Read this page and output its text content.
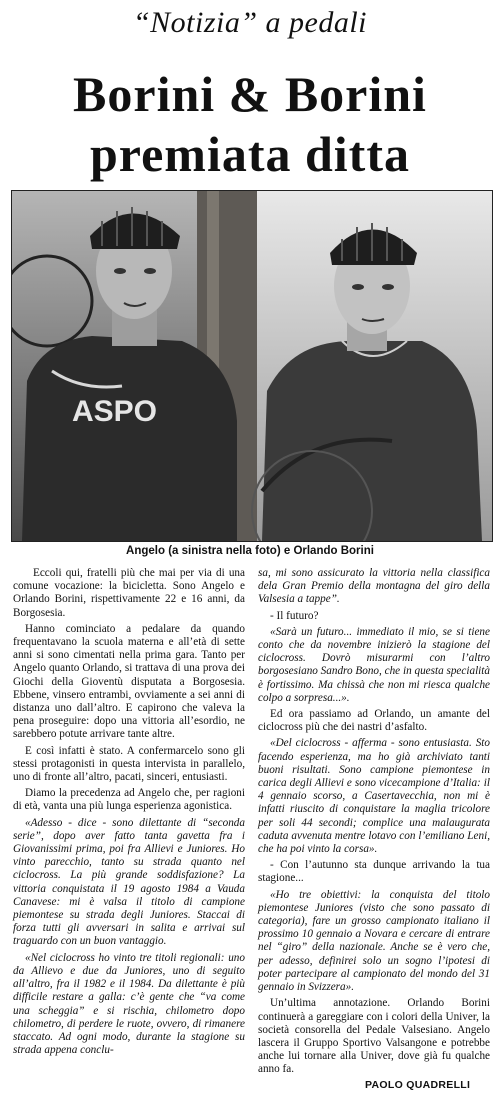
“Notizia” a pedali
Borini & Borini
premiata ditta
ASPO
Angelo (a sinistra nella foto) e Orlando Borini

Eccoli qui, fratelli più che mai per via di una comune vocazione: la bicicletta. Sono Angelo e Orlando Borini, rispettivamente 22 e 16 anni, da Borgosesia.

Hanno cominciato a pedalare da quando frequentavano la scuola materna e all’età di sette anni si sono cimentati nella prima gara. Tanto per Angelo quanto Orlando, si trattava di una prova dei Giochi della Gioventù disputata a Borgosesia. Ebbene, vinsero entrambi, ovviamente a sei anni di distanza uno dall’altro. E capirono che valeva la pena proseguire: dopo una vittoria all’esordio, ne sarebbero potute arrivare tante altre.

E così infatti è stato. A confermarcelo sono gli stessi protagonisti in questa intervista in parallelo, uno di fronte all’altro, pacati, sinceri, entusiasti.

Diamo la precedenza ad Angelo che, per ragioni di età, vanta una più lunga esperienza agonistica.

«Adesso - dice - sono dilettante di “seconda serie”, dopo aver fatto tanta gavetta fra i Giovanissimi prima, poi fra Allievi e Juniores. Ho vinto parecchio, tanto su strada quanto nel ciclocross. La più grande soddisfazione? La vittoria conquistata il 19 agosto 1984 a Vauda Canavese: mi è valsa il titolo di campione piemontese su strada degli Juniores. Staccai di forza tutti gli avversari in salita e arrivai sul traguardo con un buon vantaggio.

«Nel ciclocross ho vinto tre titoli regionali: uno da Allievo e due da Juniores, uno di seguito all’altro, fra il 1982 e il 1984. Da dilettante è più difficile restare a galla: c’è gente che “va come una scheggia” e si rischia, chilometro dopo chilometro, di perdere le ruote, ovvero, di rimanere staccato. Ad ogni modo, durante la stagione su strada appena conclu-

sa, mi sono assicurato la vittoria nella classifica dela Gran Premio della montagna del giro della Valsesia a tappe”.

- Il futuro?

«Sarà un futuro... immediato il mio, se si tiene conto che da novembre inizierò la stagione del ciclocross. Dovrò misurarmi con l’altro borgosesiano Sandro Bono, che in questa specialità è fortissimo. Ma chissà che non mi riesca qualche colpo a sorpresa...».

Ed ora passiamo ad Orlando, un amante del ciclocross più che dei nastri d’asfalto.

«Del ciclocross - afferma - sono entusiasta. Sto facendo esperienza, ma ho già archiviato tanti buoni risultati. Sono campione piemontese in carica degli Allievi e sono vicecampione d’Italia: il 4 gennaio scorso, a Casertavecchia, non mi è infatti riuscito di conquistare la maglia tricolore per soli 44 secondi; complice una malaugurata caduta avvenuta mentre lotavo con l’emiliano Leni, che ha poi vinto la corsa».

- Con l’autunno sta dunque arrivando la tua stagione...

«Ho tre obiettivi: la conquista del titolo piemontese Juniores (visto che sono passato di categoria), fare un grosso campionato italiano il prossimo 10 gennaio a Novara e cercare di entrare nel “giro” della nazionale. Anche se è vero che, per adesso, definirei solo un sogno l’ipotesi di poter partecipare al campionato del mondo del 31 gennaio in Svizzera».

Un’ultima annotazione. Orlando Borini continuerà a gareggiare con i colori della Univer, la società consorella del Pedale Valsesiano. Angelo lascera il Gruppo Sportivo Valsangone e potrebbe anche lui tornare alla Univer, dove già fu qualche anno fa.

PAOLO QUADRELLI
